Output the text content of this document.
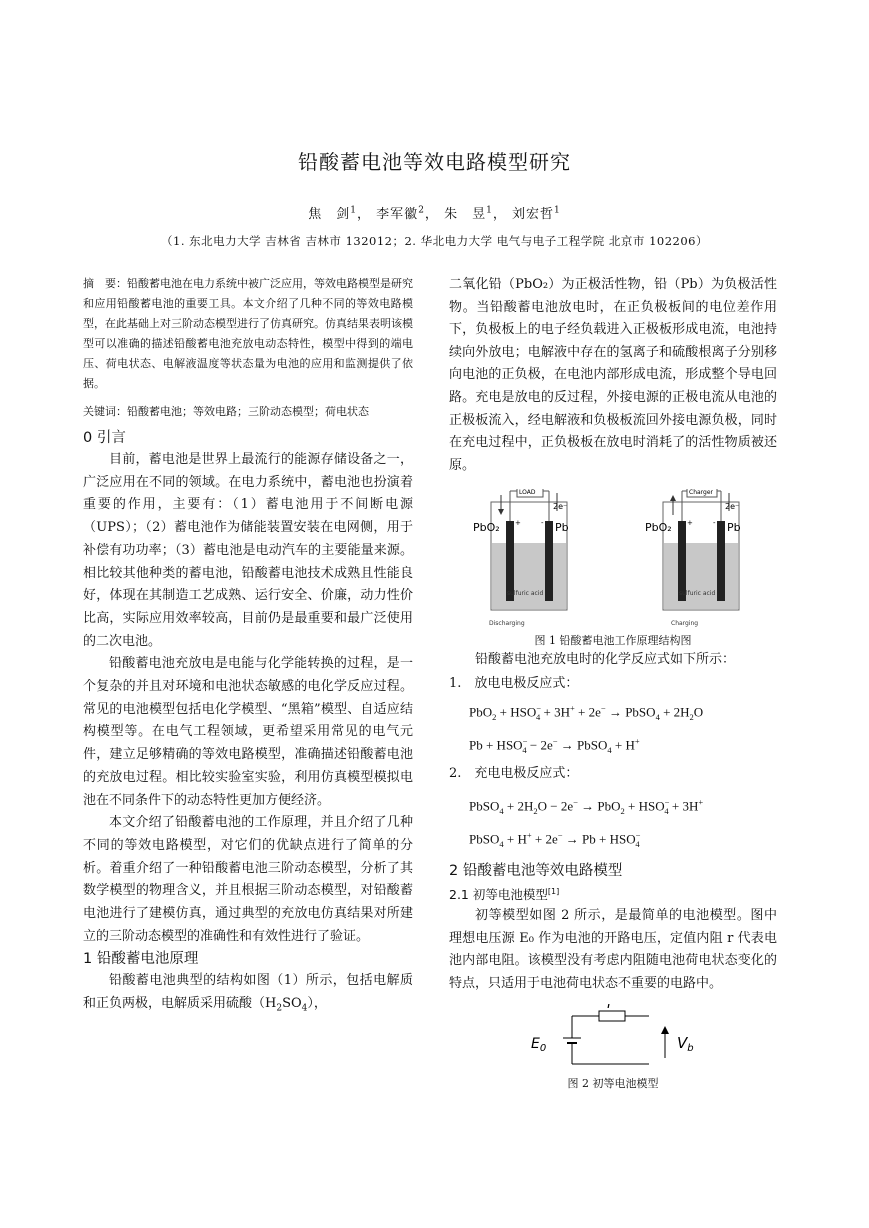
铅酸蓄电池等效电路模型研究
焦　剑$^1$， 李军徽$^2$， 朱　昱$^1$， 刘宏哲$^1$
（1. 东北电力大学 吉林省 吉林市 132012；2. 华北电力大学 电气与电子工程学院 北京市 102206）
摘　要：铅酸蓄电池在电力系统中被广泛应用，等效电路模型是研究和应用铅酸蓄电池的重要工具。本文介绍了几种不同的等效电路模型，在此基础上对三阶动态模型进行了仿真研究。仿真结果表明该模型可以准确的描述铅酸蓄电池充放电动态特性，模型中得到的端电压、荷电状态、电解液温度等状态量为电池的应用和监测提供了依据。
关键词：铅酸蓄电池；等效电路；三阶动态模型；荷电状态
0 引言

目前，蓄电池是世界上最流行的能源存储设备之一，广泛应用在不同的领域。在电力系统中，蓄电池也扮演着重要的作用，主要有：（1）蓄电池用于不间断电源（UPS）；（2）蓄电池作为储能装置安装在电网侧，用于补偿有功功率；（3）蓄电池是电动汽车的主要能量来源。相比较其他种类的蓄电池，铅酸蓄电池技术成熟且性能良好，体现在其制造工艺成熟、运行安全、价廉，动力性价比高，实际应用效率较高，目前仍是最重要和最广泛使用的二次电池。

铅酸蓄电池充放电是电能与化学能转换的过程，是一个复杂的并且对环境和电池状态敏感的电化学反应过程。常见的电池模型包括电化学模型、“黑箱”模型、自适应结构模型等。在电气工程领域，更希望采用常见的电气元件，建立足够精确的等效电路模型，准确描述铅酸蓄电池的充放电过程。相比较实验室实验，利用仿真模型模拟电池在不同条件下的动态特性更加方便经济。

本文介绍了铅酸蓄电池的工作原理，并且介绍了几种不同的等效电路模型，对它们的优缺点进行了简单的分析。着重介绍了一种铅酸蓄电池三阶动态模型，分析了其数学模型的物理含义，并且根据三阶动态模型，对铅酸蓄电池进行了建模仿真，通过典型的充放电仿真结果对所建立的三阶动态模型的准确性和有效性进行了验证。

1 铅酸蓄电池原理

铅酸蓄电池典型的结构如图（1）所示，包括电解质和正负两极，电解质采用硫酸$(H_2SO_4)$，

二氧化铅（PbO₂）为正极活性物，铅（Pb）为负极活性物。当铅酸蓄电池放电时，在正负极板间的电位差作用下，负极板上的电子经负载进入正极板形成电流，电池持续向外放电；电解液中存在的氢离子和硫酸根离子分别移向电池的正负极，在电池内部形成电流，形成整个导电回路。充电是放电的反过程，外接电源的正极电流从电池的正极板流入，经电解液和负极板流回外接电源负极，同时在充电过程中，正负极板在放电时消耗了的活性物质被还原。

LOAD
2e⁻
PbO₂	Pb
+	-
sulfuric acid
Discharging
Charger
2e⁻
PbO₂	Pb
+	-
sulfuric acid
Charging
图 1 铅酸蓄电池工作原理结构图

铅酸蓄电池充放电时的化学反应式如下所示：

1.　放电电极反应式：

$PbO_2 + HSO^-_4 + 3H^+ + 2e^-$ → PbSO$_4$ + $2H_2O$

$Pb + HSO^-_4 - 2e^-$ → PbSO$_4$ + H+

2.　充电电极反应式：

PbSO$_4$ + $2H_2O - 2e^- \to PbO_2 + HSO^-_4 + 3H^+$

PbSO$_4$ + $H^+ + 2e^- \to Pb + HSO^-_4$

2 铅酸蓄电池等效电路模型
2.1 初等电池模型[1]

初等模型如图 2 所示，是最简单的电池模型。图中理想电压源 E₀ 作为电池的开路电压，定值内阻 r 代表电池内部电阻。该模型没有考虑内阻随电池荷电状态变化的特点，只适用于电池荷电状态不重要的电路中。

r
$E_0$	$V_b$
图 2 初等电池模型
